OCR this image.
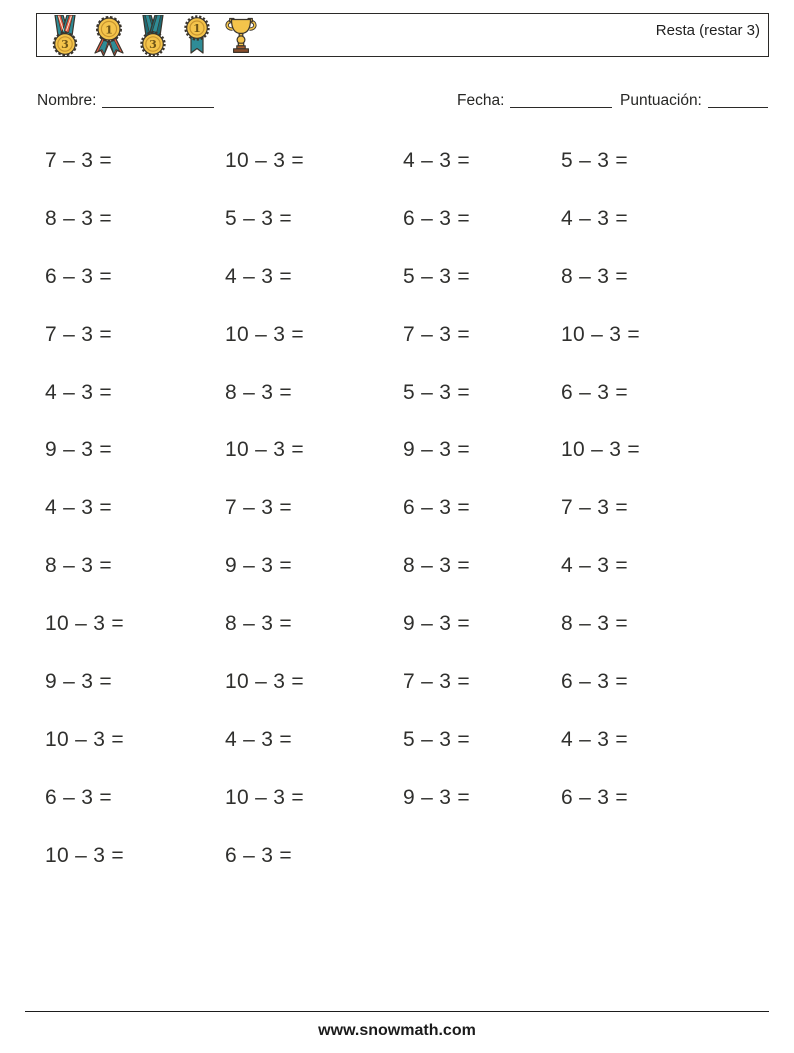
3
1
3
1	Resta (restar 3)
Nombre:	Fecha:	Puntuación:
7 – 3 =	10 – 3 =	4 – 3 =	5 – 3 =
8 – 3 =	5 – 3 =	6 – 3 =	4 – 3 =
6 – 3 =	4 – 3 =	5 – 3 =	8 – 3 =
7 – 3 =	10 – 3 =	7 – 3 =	10 – 3 =
4 – 3 =	8 – 3 =	5 – 3 =	6 – 3 =
9 – 3 =	10 – 3 =	9 – 3 =	10 – 3 =
4 – 3 =	7 – 3 =	6 – 3 =	7 – 3 =
8 – 3 =	9 – 3 =	8 – 3 =	4 – 3 =
10 – 3 =	8 – 3 =	9 – 3 =	8 – 3 =
9 – 3 =	10 – 3 =	7 – 3 =	6 – 3 =
10 – 3 =	4 – 3 =	5 – 3 =	4 – 3 =
6 – 3 =	10 – 3 =	9 – 3 =	6 – 3 =
10 – 3 =	6 – 3 =
www.snowmath.com
